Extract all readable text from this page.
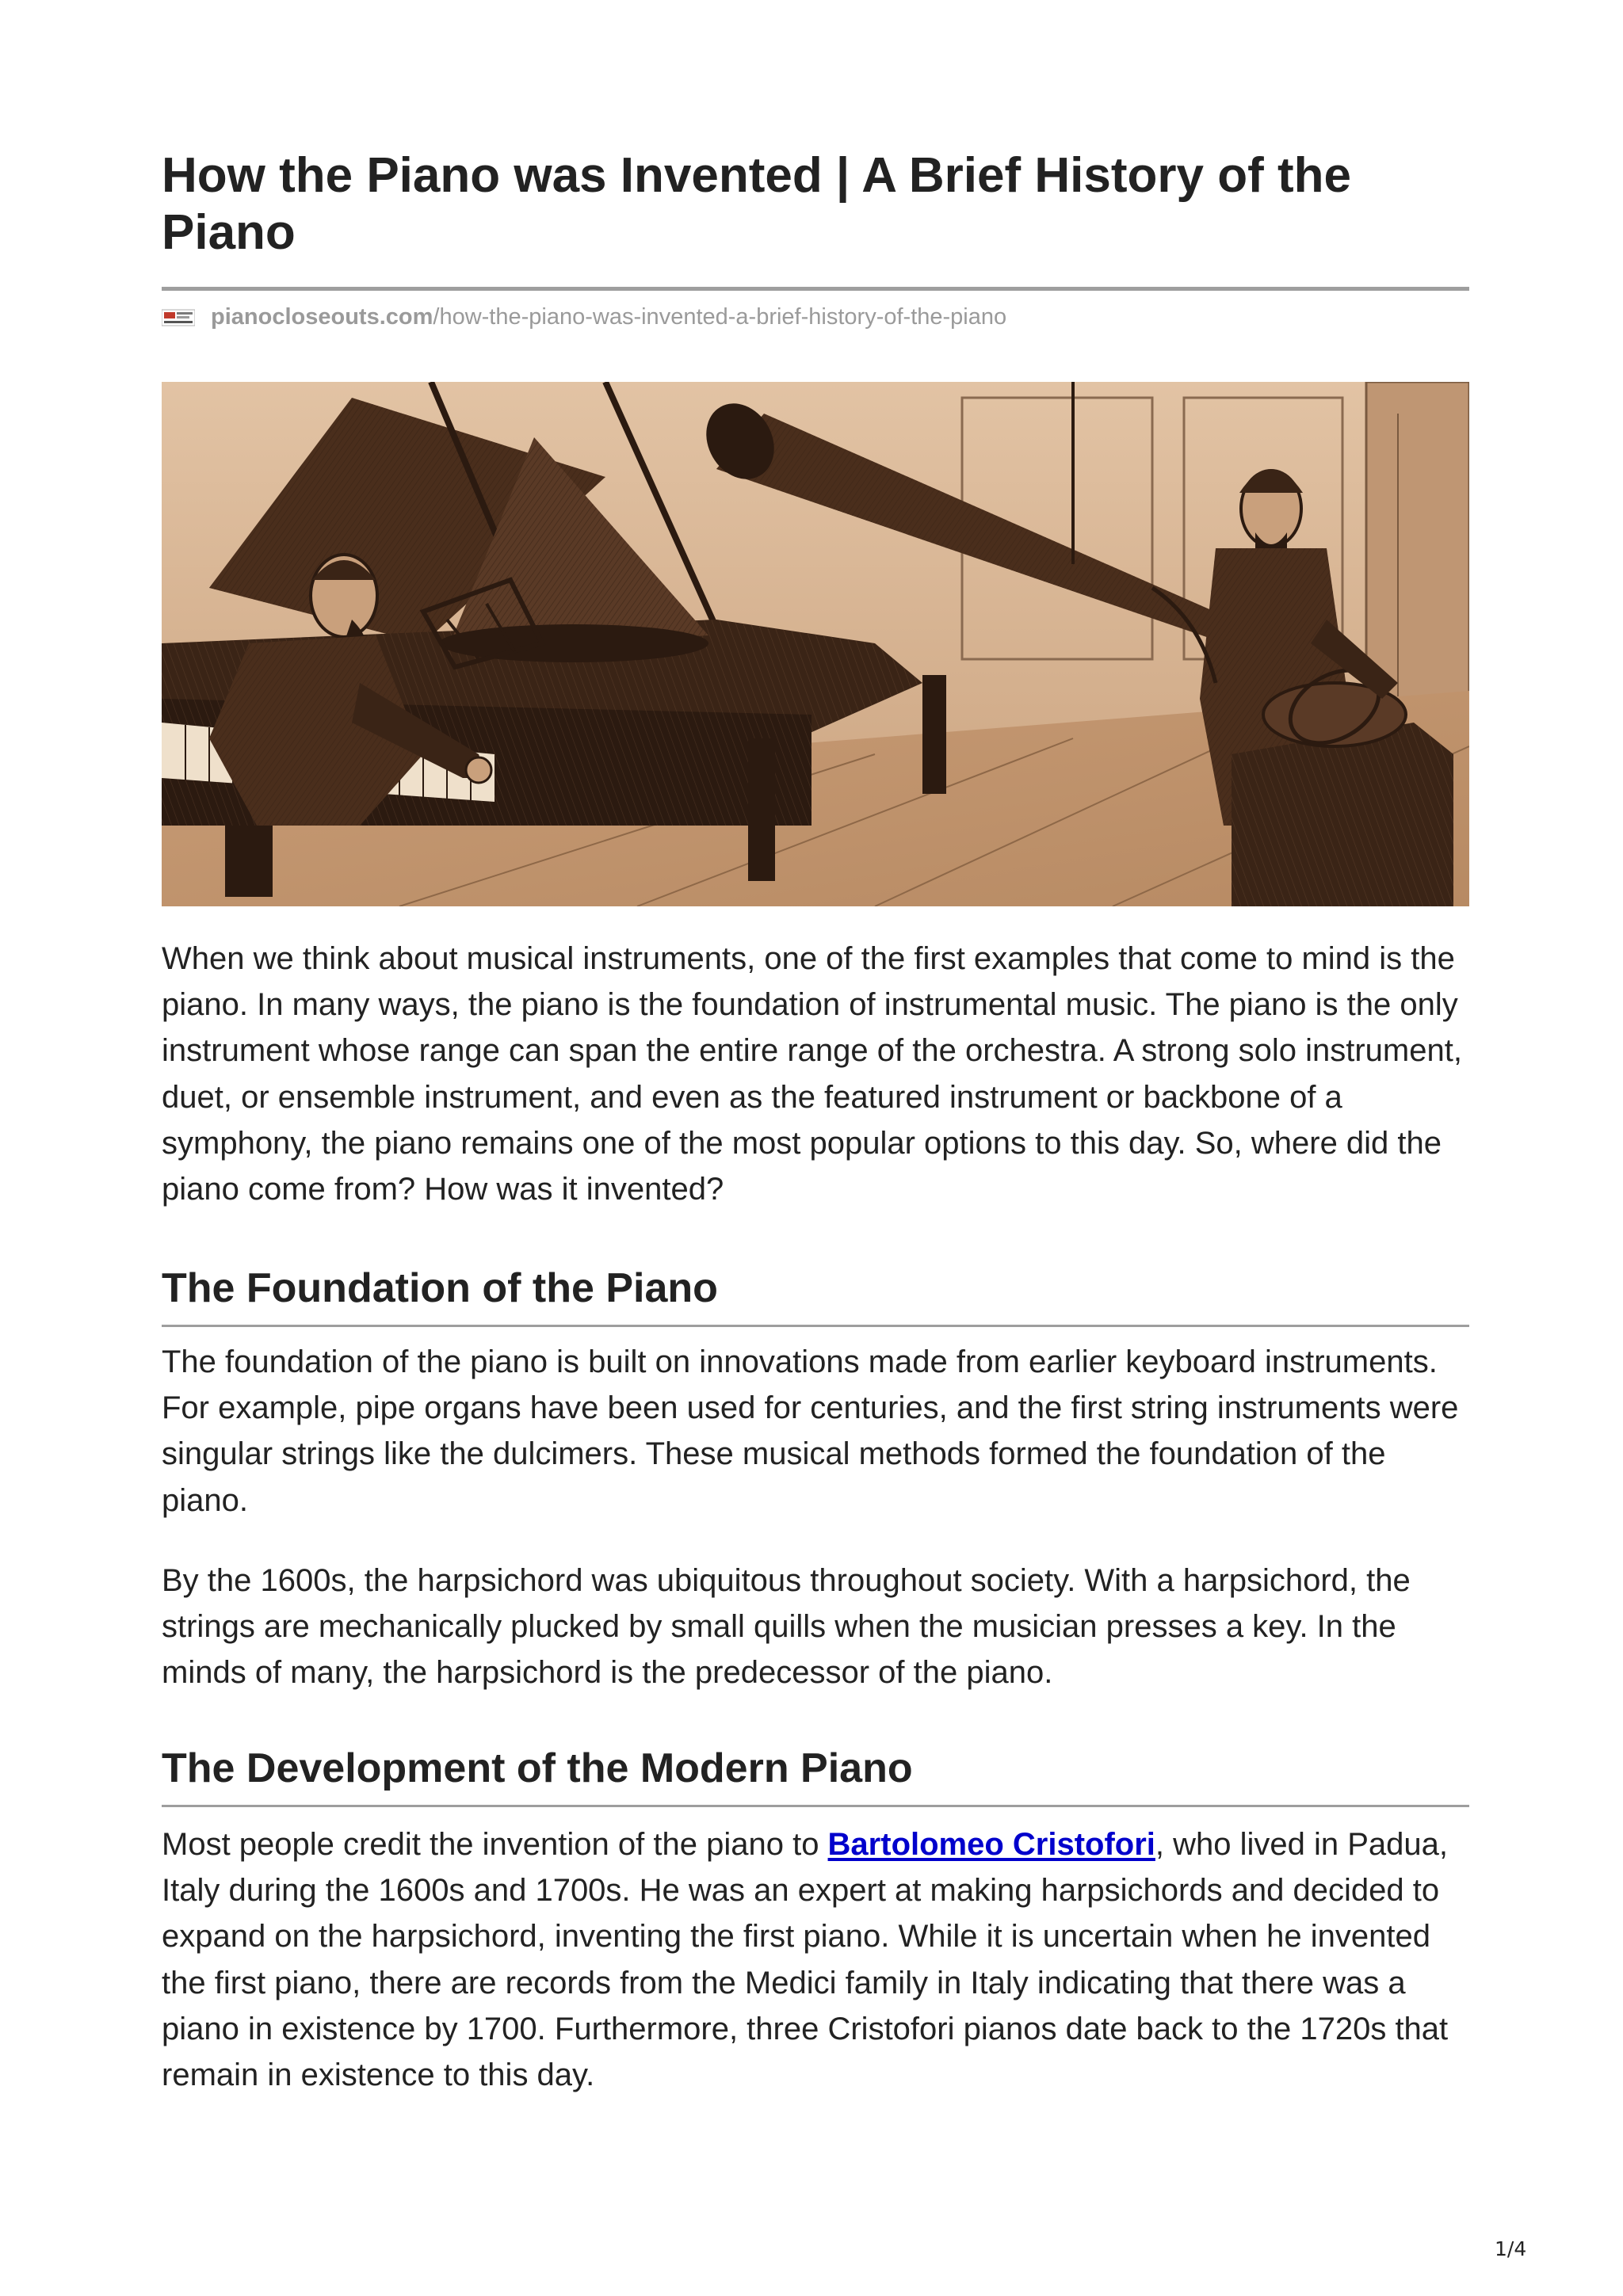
How the Piano was Invented | A Brief History of the Piano
pianocloseouts.com /how-the-piano-was-invented-a-brief-history-of-the-piano

When we think about musical instruments, one of the first examples that come to mind is the piano. In many ways, the piano is the foundation of instrumental music. The piano is the only instrument whose range can span the entire range of the orchestra. A strong solo instrument, duet, or ensemble instrument, and even as the featured instrument or backbone of a symphony, the piano remains one of the most popular options to this day. So, where did the piano come from? How was it invented?

The Foundation of the Piano

The foundation of the piano is built on innovations made from earlier keyboard instruments. For example, pipe organs have been used for centuries, and the first string instruments were singular strings like the dulcimers. These musical methods formed the foundation of the piano.

By the 1600s, the harpsichord was ubiquitous throughout society. With a harpsichord, the strings are mechanically plucked by small quills when the musician presses a key. In the minds of many, the harpsichord is the predecessor of the piano.

The Development of the Modern Piano

Most people credit the invention of the piano to Bartolomeo Cristofori, who lived in Padua, Italy during the 1600s and 1700s. He was an expert at making harpsichords and decided to expand on the harpsichord, inventing the first piano. While it is uncertain when he invented the first piano, there are records from the Medici family in Italy indicating that there was a piano in existence by 1700. Furthermore, three Cristofori pianos date back to the 1720s that remain in existence to this day.

1/4
